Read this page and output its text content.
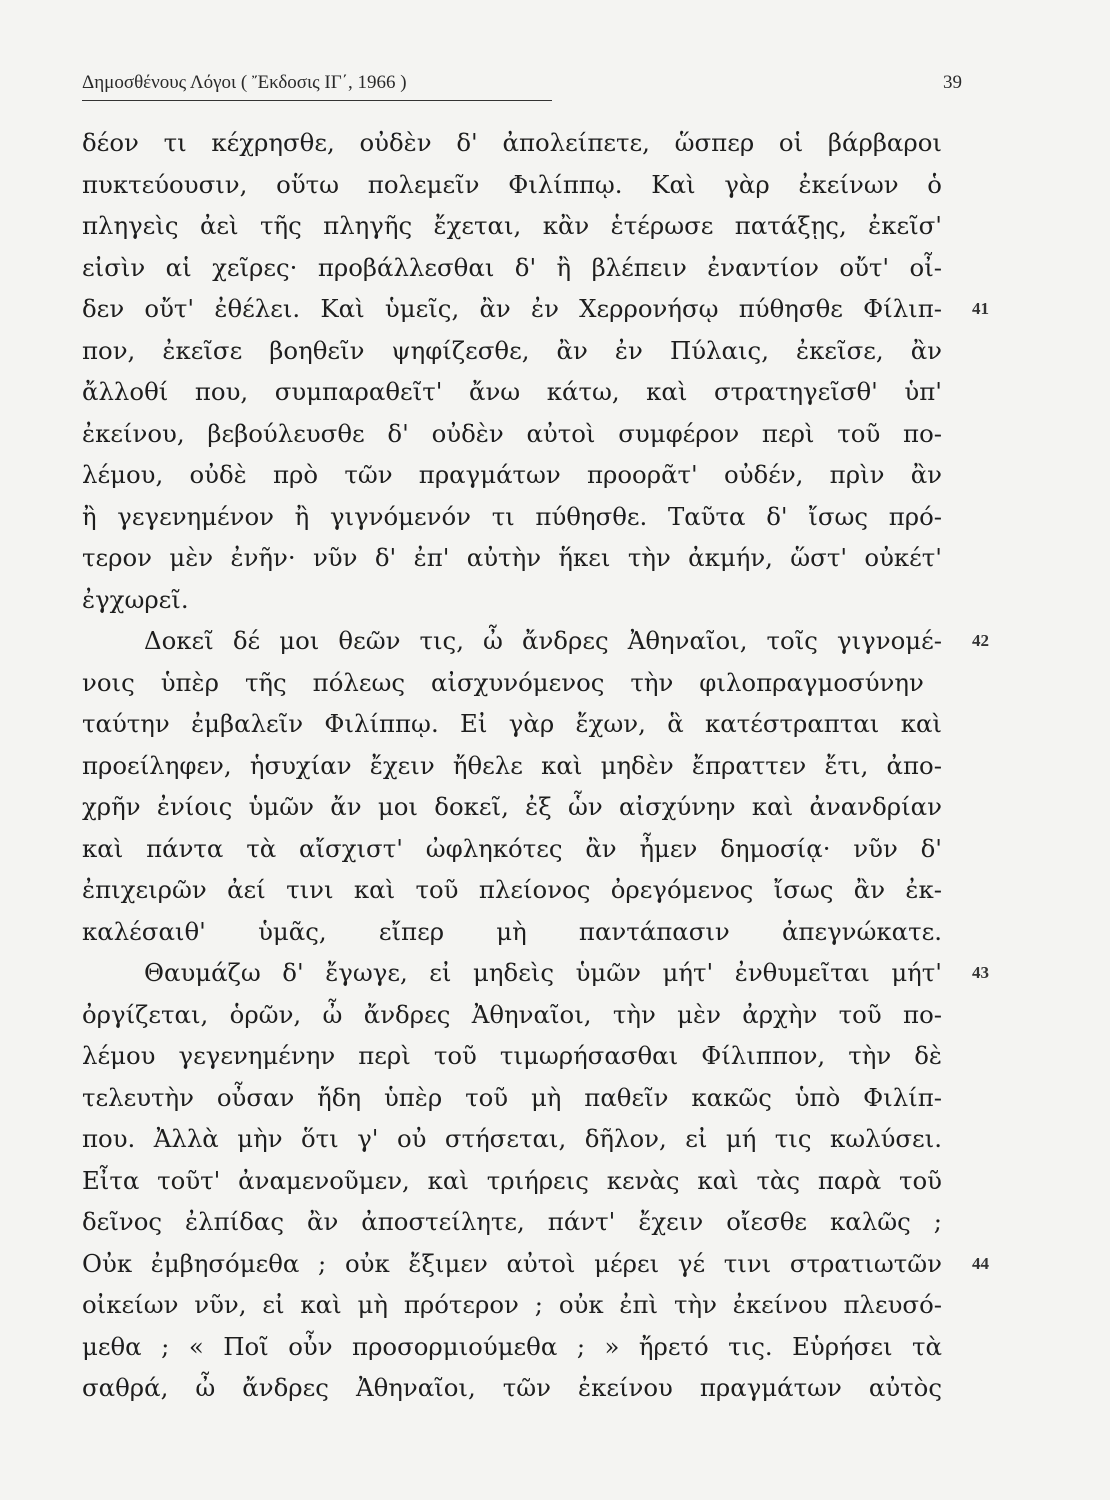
Δημοσθένους Λόγοι ( Ἔκδοσις ΙΓ΄, 1966 )	39
δέον τι κέχρησθε, οὐδὲν δ' ἀπολείπετε, ὥσπερ οἱ βάρβαροι
πυκτεύουσιν, οὕτω πολεμεῖν Φιλίππῳ. Καὶ γὰρ ἐκείνων ὁ
πληγεὶς ἀεὶ τῆς πληγῆς ἔχεται, κἂν ἑτέρωσε πατάξῃς, ἐκεῖσ'
εἰσὶν αἱ χεῖρες· προβάλλεσθαι δ' ἢ βλέπειν ἐναντίον οὔτ' οἶ-
δεν οὔτ' ἐθέλει. Καὶ ὑμεῖς, ἂν ἐν Χερρονήσῳ πύθησθε Φίλιπ- 41
πον, ἐκεῖσε βοηθεῖν ψηφίζεσθε, ἂν ἐν Πύλαις, ἐκεῖσε, ἂν
ἄλλοθί που, συμπαραθεῖτ' ἄνω κάτω, καὶ στρατηγεῖσθ' ὑπ'
ἐκείνου, βεβούλευσθε δ' οὐδὲν αὐτοὶ συμφέρον περὶ τοῦ πο-
λέμου, οὐδὲ πρὸ τῶν πραγμάτων προορᾶτ' οὐδέν, πρὶν ἂν
ἢ γεγενημένον ἢ γιγνόμενόν τι πύθησθε. Ταῦτα δ' ἴσως πρό-
τερον μὲν ἐνῆν· νῦν δ' ἐπ' αὐτὴν ἥκει τὴν ἀκμήν, ὥστ' οὐκέτ'
ἐγχωρεῖ.
Δοκεῖ δέ μοι θεῶν τις, ὦ ἄνδρες Ἀθηναῖοι, τοῖς γιγνομέ- 42
νοις ὑπὲρ τῆς πόλεως αἰσχυνόμενος τὴν φιλοπραγμοσύνην
ταύτην ἐμβαλεῖν Φιλίππῳ. Εἰ γὰρ ἔχων, ἃ κατέστραπται καὶ
προείληφεν, ἡσυχίαν ἔχειν ἤθελε καὶ μηδὲν ἔπραττεν ἔτι, ἀπο-
χρῆν ἐνίοις ὑμῶν ἄν μοι δοκεῖ, ἐξ ὧν αἰσχύνην καὶ ἀνανδρίαν
καὶ πάντα τὰ αἴσχιστ' ὠφληκότες ἂν ἦμεν δημοσίᾳ· νῦν δ'
ἐπιχειρῶν ἀεί τινι καὶ τοῦ πλείονος ὀρεγόμενος ἴσως ἂν ἐκ-
καλέσαιθ' ὑμᾶς, εἴπερ μὴ παντάπασιν ἀπεγνώκατε.
Θαυμάζω δ' ἔγωγε, εἰ μηδεὶς ὑμῶν μήτ' ἐνθυμεῖται μήτ' 43
ὀργίζεται, ὁρῶν, ὦ ἄνδρες Ἀθηναῖοι, τὴν μὲν ἀρχὴν τοῦ πο-
λέμου γεγενημένην περὶ τοῦ τιμωρήσασθαι Φίλιππον, τὴν δὲ
τελευτὴν οὖσαν ἤδη ὑπὲρ τοῦ μὴ παθεῖν κακῶς ὑπὸ Φιλίπ-
που. Ἀλλὰ μὴν ὅτι γ' οὐ στήσεται, δῆλον, εἰ μή τις κωλύσει.
Εἶτα τοῦτ' ἀναμενοῦμεν, καὶ τριήρεις κενὰς καὶ τὰς παρὰ τοῦ
δεῖνος ἐλπίδας ἂν ἀποστείλητε, πάντ' ἔχειν οἴεσθε καλῶς ;
Οὐκ ἐμβησόμεθα ; οὐκ ἔξιμεν αὐτοὶ μέρει γέ τινι στρατιωτῶν 44
οἰκείων νῦν, εἰ καὶ μὴ πρότερον ; οὐκ ἐπὶ τὴν ἐκείνου πλευσό-
μεθα ; « Ποῖ οὖν προσορμιούμεθα ; » ἤρετό τις. Εὑρήσει τὰ
σαθρά, ὦ ἄνδρες Ἀθηναῖοι, τῶν ἐκείνου πραγμάτων αὐτὸς
